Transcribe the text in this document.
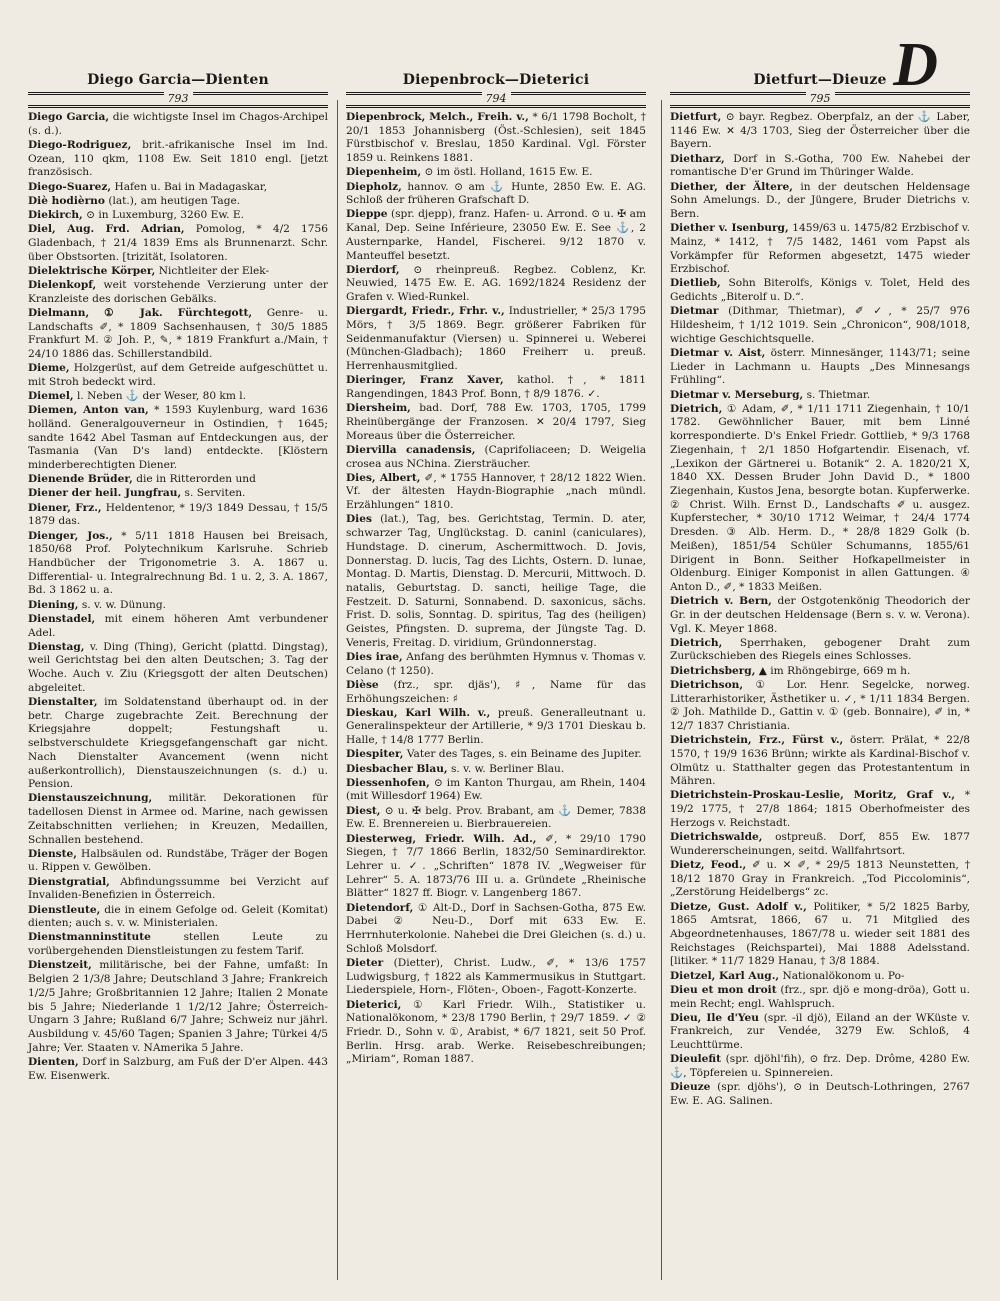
D
Diego Garcia—Dienten
793

Diego Garcia, die wichtigste Insel im Chagos-Archipel (s. d.).

Diego-Rodriguez, brit.-afrikanische Insel im Ind. Ozean, 110 qkm, 1108 Ew. Seit 1810 engl. [jetzt französisch.

Diego-Suarez, Hafen u. Bai in Madagaskar,

Diè hodièrno (lat.), am heutigen Tage.

Diekirch, ⊙ in Luxemburg, 3260 Ew. E.

Diel, Aug. Frd. Adrian, Pomolog, * 4/2 1756 Gladenbach, † 21/4 1839 Ems als Brunnenarzt. Schr. über Obstsorten. [trizität, Isolatoren.

Dielektrische Körper, Nichtleiter der Elek-

Dielenkopf, weit vorstehende Verzierung unter der Kranzleiste des dorischen Gebälks.

Dielmann, ① Jak. Fürchtegott, Genre- u. Landschafts ✐, * 1809 Sachsenhausen, † 30/5 1885 Frankfurt M. ② Joh. P., ✎, * 1819 Frankfurt a./Main, † 24/10 1886 das. Schillerstandbild.

Dieme, Holzgerüst, auf dem Getreide aufgeschüttet u. mit Stroh bedeckt wird.

Diemel, l. Neben ⚓ der Weser, 80 km l.

Diemen, Anton van, * 1593 Kuylenburg, ward 1636 holländ. Generalgouverneur in Ostindien, † 1645; sandte 1642 Abel Tasman auf Entdeckungen aus, der Tasmania (Van D's land) entdeckte. [Klöstern minderberechtigten Diener.

Dienende Brüder, die in Ritterorden und

Diener der heil. Jungfrau, s. Serviten.

Diener, Frz., Heldentenor, * 19/3 1849 Dessau, † 15/5 1879 das.

Dienger, Jos., * 5/11 1818 Hausen bei Breisach, 1850/68 Prof. Polytechnikum Karlsruhe. Schrieb Handbücher der Trigonometrie 3. A. 1867 u. Differential- u. Integralrechnung Bd. 1 u. 2, 3. A. 1867, Bd. 3 1862 u. a.

Diening, s. v. w. Dünung.

Dienstadel, mit einem höheren Amt verbundener Adel.

Dienstag, v. Ding (Thing), Gericht (plattd. Dingstag), weil Gerichtstag bei den alten Deutschen; 3. Tag der Woche. Auch v. Ziu (Kriegsgott der alten Deutschen) abgeleitet.

Dienstalter, im Soldatenstand überhaupt od. in der betr. Charge zugebrachte Zeit. Berechnung der Kriegsjahre doppelt; Festungshaft u. selbstverschuldete Kriegsgefangenschaft gar nicht. Nach Dienstalter Avancement (wenn nicht außerkontrollich), Dienstauszeichnungen (s. d.) u. Pension.

Dienstauszeichnung, militär. Dekorationen für tadellosen Dienst in Armee od. Marine, nach gewissen Zeitabschnitten verliehen; in Kreuzen, Medaillen, Schnallen bestehend.

Dienste, Halbsäulen od. Rundstäbe, Träger der Bogen u. Rippen v. Gewölben.

Dienstgratial, Abfindungssumme bei Verzicht auf Invaliden-Benefizien in Österreich.

Dienstleute, die in einem Gefolge od. Geleit (Komitat) dienten; auch s. v. w. Ministerialen.

Dienstmanninstitute	stellen Leute zu vorübergehenden Dienstleistungen zu festem Tarif.

Dienstzeit, militärische, bei der Fahne, umfaßt: In Belgien 2 1/3/8 Jahre; Deutschland 3 Jahre; Frankreich 1/2/5 Jahre; Großbritannien 12 Jahre; Italien 2 Monate bis 5 Jahre; Niederlande 1 1/2/12 Jahre; Österreich-Ungarn 3 Jahre; Rußland 6/7 Jahre; Schweiz nur jährl. Ausbildung v. 45/60 Tagen; Spanien 3 Jahre; Türkei 4/5 Jahre; Ver. Staaten v. NAmerika 5 Jahre.

Dienten, Dorf in Salzburg, am Fuß der D'er Alpen. 443 Ew. Eisenwerk.

Diepenbrock—Dieterici
794

Diepenbrock, Melch., Freih. v., * 6/1 1798 Bocholt, † 20/1 1853 Johannisberg (Öst.-Schlesien), seit 1845 Fürstbischof v. Breslau, 1850 Kardinal. Vgl. Förster 1859 u. Reinkens 1881.

Diepenheim, ⊙ im östl. Holland, 1615 Ew. E.

Diepholz, hannov. ⊙ am ⚓ Hunte, 2850 Ew. E. AG. Schloß der früheren Grafschaft D.

Dieppe (spr. djepp), franz. Hafen- u. Arrond. ⊙ u. ✠ am Kanal, Dep. Seine Inférieure, 23050 Ew. E. See ⚓, 2 Austernparke, Handel, Fischerei. 9/12 1870 v. Manteuffel besetzt.

Dierdorf, ⊙ rheinpreuß. Regbez. Coblenz, Kr. Neuwied, 1475 Ew. E. AG. 1692/1824 Residenz der Grafen v. Wied-Runkel.

Diergardt, Friedr., Frhr. v., Industrieller, * 25/3 1795 Mörs, † 3/5 1869. Begr. größerer Fabriken für Seidenmanufaktur (Viersen) u. Spinnerei u. Weberei (München-Gladbach); 1860 Freiherr u. preuß. Herrenhausmitglied.

Dieringer, Franz Xaver, kathol. †, * 1811 Rangendingen, 1843 Prof. Bonn, † 8/9 1876. ✓.

Diersheim, bad. Dorf, 788 Ew. 1703, 1705, 1799 Rheinübergänge der Franzosen. ✕ 20/4 1797, Sieg Moreaus über die Österreicher.

Diervilla canadensis, (Caprifoliaceen; D. Weigelia crosea aus NChina. Ziersträucher.

Dies, Albert, ✐, * 1755 Hannover, † 28/12 1822 Wien. Vf. der ältesten Haydn-Biographie „nach mündl. Erzählungen“ 1810.

Dies (lat.), Tag, bes. Gerichtstag, Termin. D. ater, schwarzer Tag, Unglückstag. D. caninl (caniculares), Hundstage. D. cinerum, Aschermittwoch. D. Jovis, Donnerstag. D. lucis, Tag des Lichts, Ostern. D. lunae, Montag. D. Martis, Dienstag. D. Mercurii, Mittwoch. D. natalis, Geburtstag. D. sancti, heilige Tage, die Festzeit. D. Saturni, Sonnabend. D. saxonicus, sächs. Frist. D. solis, Sonntag. D. spiritus, Tag des (heiligen) Geistes, Pfingsten. D. suprema, der Jüngste Tag. D. Veneris, Freitag. D. viridium, Gründonnerstag.

Dies irae, Anfang des berühmten Hymnus v. Thomas v. Celano († 1250).

Dièse (frz., spr. djäs'), ♯, Name für das Erhöhungszeichen: ♯

Dieskau, Karl Wilh. v., preuß. Generalleutnant u. Generalinspekteur der Artillerie, * 9/3 1701 Dieskau b. Halle, † 14/8 1777 Berlin.

Diespiter, Vater des Tages, s. ein Beiname des Jupiter.

Diesbacher Blau, s. v. w. Berliner Blau.

Diessenhofen, ⊙ im Kanton Thurgau, am Rhein, 1404 (mit Willesdorf 1964) Ew.

Diest, ⊙ u. ✠ belg. Prov. Brabant, am ⚓ Demer, 7838 Ew. E. Brennereien u. Bierbrauereien.

Diesterweg, Friedr. Wilh. Ad., ✐, * 29/10 1790 Siegen, † 7/7 1866 Berlin, 1832/50 Seminardirektor. Lehrer u. ✓. „Schriften“ 1878 IV. „Wegweiser für Lehrer“ 5. A. 1873/76 III u. a. Gründete „Rheinische Blätter“ 1827 ff. Biogr. v. Langenberg 1867.

Dietendorf, ① Alt-D., Dorf in Sachsen-Gotha, 875 Ew. Dabei ② Neu-D., Dorf mit 633 Ew. E. Herrnhuterkolonie. Nahebei die Drei Gleichen (s. d.) u. Schloß Molsdorf.

Dieter (Dietter), Christ. Ludw., ✐, * 13/6 1757 Ludwigsburg, † 1822 als Kammermusikus in Stuttgart. Liederspiele, Horn-, Flöten-, Oboen-, Fagott-Konzerte.

Dieterici, ① Karl Friedr. Wilh., Statistiker u. Nationalökonom, * 23/8 1790 Berlin, † 29/7 1859. ✓ ② Friedr. D., Sohn v. ①, Arabist, * 6/7 1821, seit 50 Prof. Berlin. Hrsg. arab. Werke. Reisebeschreibungen; „Miriam“, Roman 1887.

Dietfurt—Dieuze
795

Dietfurt, ⊙ bayr. Regbez. Oberpfalz, an der ⚓ Laber, 1146 Ew. ✕ 4/3 1703, Sieg der Österreicher über die Bayern.

Dietharz, Dorf in S.-Gotha, 700 Ew. Nahebei der romantische D'er Grund im Thüringer Walde.

Diether, der Ältere, in der deutschen Heldensage Sohn Amelungs. D., der Jüngere, Bruder Dietrichs v. Bern.

Diether v. Isenburg, 1459/63 u. 1475/82 Erzbischof v. Mainz, * 1412, † 7/5 1482, 1461 vom Papst als Vorkämpfer für Reformen abgesetzt, 1475 wieder Erzbischof.

Dietlieb, Sohn Biterolfs, Königs v. Tolet, Held des Gedichts „Biterolf u. D.“.

Dietmar (Dithmar, Thietmar), ✐ ✓, * 25/7 976 Hildesheim, † 1/12 1019. Sein „Chronicon“, 908/1018, wichtige Geschichtsquelle.

Dietmar v. Aist, österr. Minnesänger, 1143/71; seine Lieder in Lachmann u. Haupts „Des Minnesangs Frühling“.

Dietmar v. Merseburg, s. Thietmar.

Dietrich, ① Adam, ✐, * 1/11 1711 Ziegenhain, † 10/1 1782. Gewöhnlicher Bauer, mit bem Linné korrespondierte. D's Enkel Friedr. Gottlieb, * 9/3 1768 Ziegenhain, † 2/1 1850 Hofgartendir. Eisenach, vf. „Lexikon der Gärtnerei u. Botanik“ 2. A. 1820/21 X, 1840 XX. Dessen Bruder John David D., * 1800 Ziegenhain, Kustos Jena, besorgte botan. Kupferwerke. ② Christ. Wilh. Ernst D., Landschafts ✐ u. ausgez. Kupferstecher, * 30/10 1712 Weimar, † 24/4 1774 Dresden. ③ Alb. Herm. D., * 28/8 1829 Golk (b. Meißen), 1851/54 Schüler Schumanns, 1855/61 Dirigent in Bonn. Seither Hofkapellmeister in Oldenburg. Einiger Komponist in allen Gattungen. ④ Anton D., ✐, * 1833 Meißen.

Dietrich v. Bern, der Ostgotenkönig Theodorich der Gr. in der deutschen Heldensage (Bern s. v. w. Verona). Vgl. K. Meyer 1868.

Dietrich, Sperrhaken, gebogener Draht zum Zurückschieben des Riegels eines Schlosses.

Dietrichsberg, ▲ im Rhöngebirge, 669 m h.

Dietrichson, ① Lor. Henr. Segelcke, norweg. Litterarhistoriker, Ästhetiker u. ✓, * 1/11 1834 Bergen. ② Joh. Mathilde D., Gattin v. ① (geb. Bonnaire), ✐ in, * 12/7 1837 Christiania.

Dietrichstein, Frz., Fürst v., österr. Prälat, * 22/8 1570, † 19/9 1636 Brünn; wirkte als Kardinal-Bischof v. Olmütz u. Statthalter gegen das Protestantentum in Mähren.

Dietrichstein-Proskau-Leslie, Moritz, Graf v., * 19/2 1775, † 27/8 1864; 1815 Oberhofmeister des Herzogs v. Reichstadt.

Dietrichswalde, ostpreuß. Dorf, 855 Ew. 1877 Wundererscheinungen, seitd. Wallfahrtsort.

Dietz, Feod., ✐ u. ✕ ✐, * 29/5 1813 Neunstetten, † 18/12 1870 Gray in Frankreich. „Tod Piccolominis“, „Zerstörung Heidelbergs“ zc.

Dietze, Gust. Adolf v., Politiker, * 5/2 1825 Barby, 1865 Amtsrat, 1866, 67 u. 71 Mitglied des Abgeordnetenhauses, 1867/78 u. wieder seit 1881 des Reichstages (Reichspartei), Mai 1888 Adelsstand. [litiker. * 11/7 1829 Hanau, † 3/8 1884.

Dietzel, Karl Aug., Nationalökonom u. Po-

Dieu et mon droit (frz., spr. djö e mong-dröa), Gott u. mein Recht; engl. Wahlspruch.

Dieu, Ile d'Yeu (spr. -il djö), Eiland an der WKüste v. Frankreich, zur Vendée, 3279 Ew. Schloß, 4 Leuchttürme.

Dieulefit (spr. djöhl'fih), ⊙ frz. Dep. Drôme, 4280 Ew. ⚓, Töpfereien u. Spinnereien.

Dieuze (spr. djöhs'), ⊙ in Deutsch-Lothringen, 2767 Ew. E. AG. Salinen.
